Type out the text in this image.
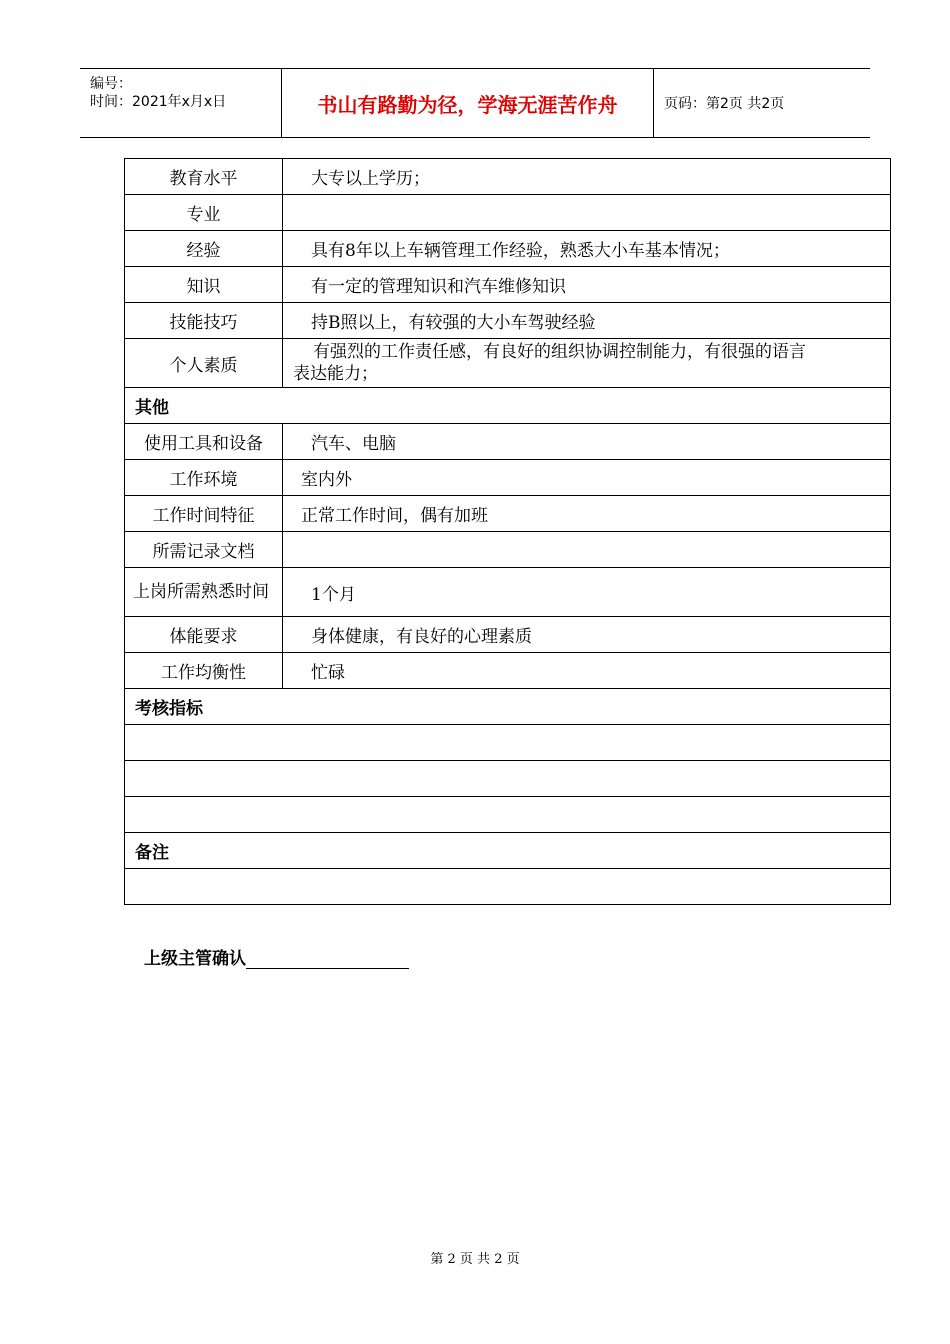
编号：
时间：2021年x月x日	书山有路勤为径，学海无涯苦作舟	页码：第2页 共2页
教育水平	大专以上学历；
专业	
经验	具有8年以上车辆管理工作经验，熟悉大小车基本情况；
知识	有一定的管理知识和汽车维修知识
技能技巧	持B照以上，有较强的大小车驾驶经验
个人素质	有强烈的工作责任感，有良好的组织协调控制能力，有很强的语言
表达能力；

其他	
使用工具和设备	汽车、电脑
工作环境	室内外
工作时间特征	正常工作时间，偶有加班
所需记录文档	
上岗所需熟悉时间	1个月
体能要求	身体健康，有良好的心理素质
工作均衡性	忙碌
考核指标	

备注	

上级主管确认
第 2 页 共 2 页
